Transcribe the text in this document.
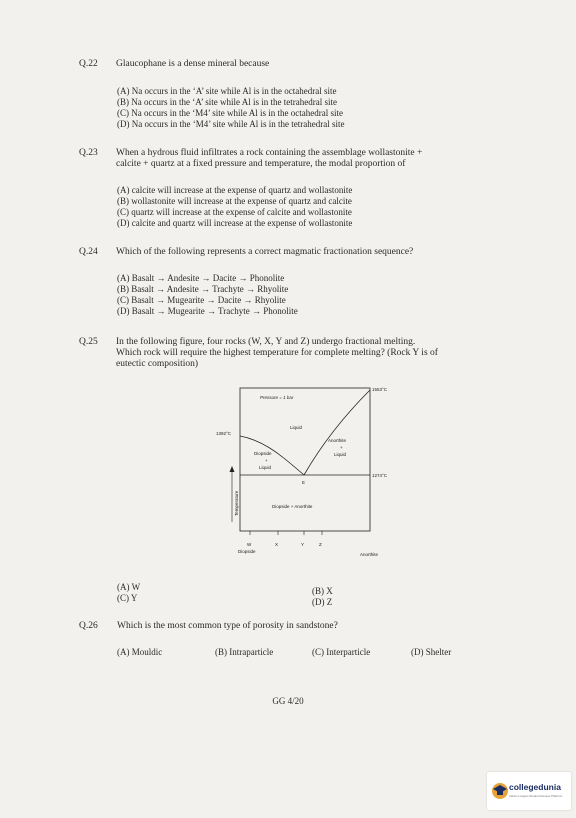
Q.22 Glaucophane is a dense mineral because
(A) Na occurs in the ‘A’ site while Al is in the octahedral site
(B) Na occurs in the ‘A’ site while Al is in the tetrahedral site
(C) Na occurs in the ‘M4’ site while Al is in the octahedral site
(D) Na occurs in the ‘M4’ site while Al is in the tetrahedral site
Q.23 When a hydrous fluid infiltrates a rock containing the assemblage wollastonite +
calcite + quartz at a fixed pressure and temperature, the modal proportion of
(A) calcite will increase at the expense of quartz and wollastonite
(B) wollastonite will increase at the expense of quartz and calcite
(C) quartz will increase at the expense of calcite and wollastonite
(D) calcite and quartz will increase at the expense of wollastonite
Q.24 Which of the following represents a correct magmatic fractionation sequence?
(A) Basalt → Andesite → Dacite → Phonolite
(B) Basalt → Andesite → Trachyte → Rhyolite
(C) Basalt → Mugearite → Dacite → Rhyolite
(D) Basalt → Mugearite → Trachyte → Phonolite
Q.25 In the following figure, four rocks (W, X, Y and Z) undergo fractional melting.
Which rock will require the highest temperature for complete melting? (Rock Y is of
eutectic composition)
Pressure = 1 bar
Liquid
1392°C
1553°C
1274°C
Diopside
+
Liquid
Anorthite
+
Liquid
E
Diopside + Anorthite
Temperature
W	X	Y	Z
Diopside
Anorthite
(A) W
(C) Y
(B) X
(D) Z
Q.26 Which is the most common type of porosity in sandstone?
(A) Mouldic	(B) Intraparticle	(C) Interparticle	(D) Shelter
GG 4/20
collegedunia
India's Largest Student Review Platform
